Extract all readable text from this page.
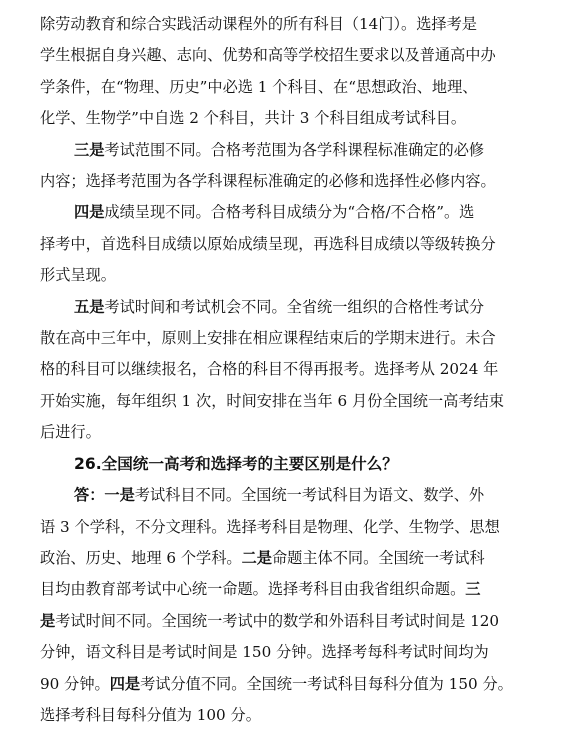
除劳动教育和综合实践活动课程外的所有科目（14门）。选择考是
学生根据自身兴趣、志向、优势和高等学校招生要求以及普通高中办
学条件，在“物理、历史”中必选 1 个科目、在“思想政治、地理、
化学、生物学”中自选 2 个科目，共计 3 个科目组成考试科目。
三是考试范围不同。合格考范围为各学科课程标准确定的必修
内容；选择考范围为各学科课程标准确定的必修和选择性必修内容。
四是成绩呈现不同。合格考科目成绩分为“合格/不合格”。选
择考中，首选科目成绩以原始成绩呈现，再选科目成绩以等级转换分
形式呈现。
五是考试时间和考试机会不同。全省统一组织的合格性考试分
散在高中三年中，原则上安排在相应课程结束后的学期末进行。未合
格的科目可以继续报名，合格的科目不得再报考。选择考从 2024 年
开始实施，每年组织 1 次，时间安排在当年 6 月份全国统一高考结束
后进行。
26.全国统一高考和选择考的主要区别是什么？
答：一是考试科目不同。全国统一考试科目为语文、数学、外
语 3 个学科，不分文理科。选择考科目是物理、化学、生物学、思想
政治、历史、地理 6 个学科。二是命题主体不同。全国统一考试科
目均由教育部考试中心统一命题。选择考科目由我省组织命题。三
是考试时间不同。全国统一考试中的数学和外语科目考试时间是 120
分钟，语文科目是考试时间是 150 分钟。选择考每科考试时间均为
90 分钟。四是考试分值不同。全国统一考试科目每科分值为 150 分。
选择考科目每科分值为 100 分。
